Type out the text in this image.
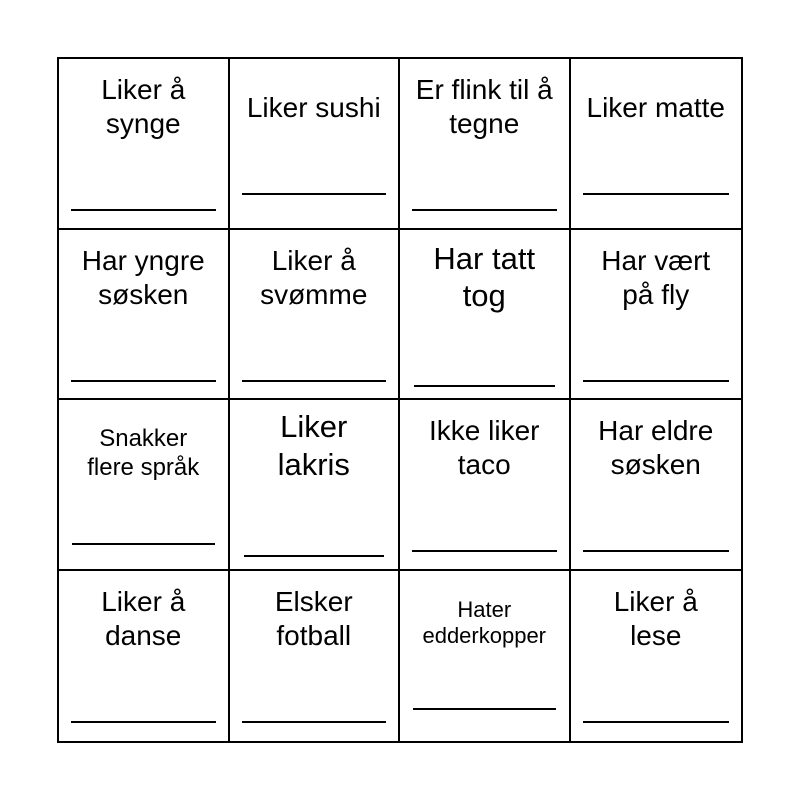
Liker å
synge
Liker sushi
Er flink til å
tegne
Liker matte
Har yngre
søsken
Liker å
svømme
Har tatt
tog
Har vært
på fly
Snakker
flere språk
Liker
lakris
Ikke liker
taco
Har eldre
søsken
Liker å
danse
Elsker
fotball
Hater
edderkopper
Liker å
lese
